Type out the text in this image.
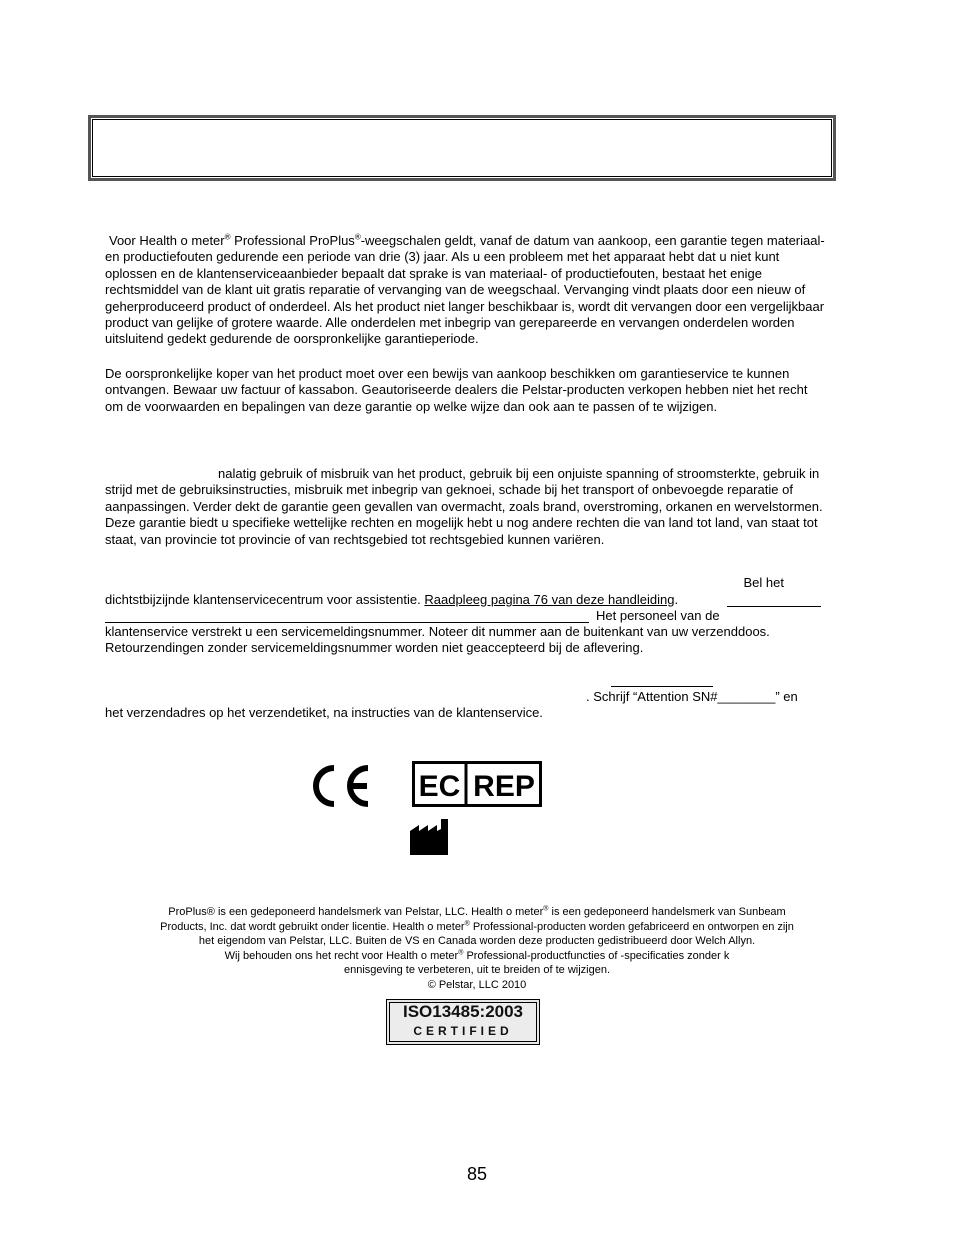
Voor Health o meter® Professional ProPlus®-weegschalen geldt, vanaf de datum van aankoop, een garantie tegen materiaal- en productiefouten gedurende een periode van drie (3) jaar. Als u een probleem met het apparaat hebt dat u niet kunt oplossen en de klantenserviceaanbieder bepaalt dat sprake is van materiaal- of productiefouten, bestaat het enige rechtsmiddel van de klant uit gratis reparatie of vervanging van de weegschaal. Vervanging vindt plaats door een nieuw of geherproduceerd product of onderdeel. Als het product niet langer beschikbaar is, wordt dit vervangen door een vergelijkbaar product van gelijke of grotere waarde. Alle onderdelen met inbegrip van gerepareerde en vervangen onderdelen worden uitsluitend gedekt gedurende de oorspronkelijke garantieperiode.

De oorspronkelijke koper van het product moet over een bewijs van aankoop beschikken om garantieservice te kunnen ontvangen. Bewaar uw factuur of kassabon. Geautoriseerde dealers die Pelstar-producten verkopen hebben niet het recht om de voorwaarden en bepalingen van deze garantie op welke wijze dan ook aan te passen of te wijzigen.

nalatig gebruik of misbruik van het product, gebruik bij een onjuiste spanning of stroomsterkte, gebruik in strijd met de gebruiksinstructies, misbruik met inbegrip van geknoei, schade bij het transport of onbevoegde reparatie of aanpassingen. Verder dekt de garantie geen gevallen van overmacht, zoals brand, overstroming, orkanen en wervelstormen. Deze garantie biedt u specifieke wettelijke rechten en mogelijk hebt u nog andere rechten die van land tot land, van staat tot staat, van provincie tot provincie of van rechtsgebied tot rechtsgebied kunnen variëren.

Bel het

dichtstbijzijnde klantenservicecentrum voor assistentie. Raadpleeg pagina 76 van deze handleiding.

Het personeel van de

klantenservice verstrekt u een servicemeldingsnummer. Noteer dit nummer aan de buitenkant van uw verzenddoos. Retourzendingen zonder servicemeldingsnummer worden niet geaccepteerd bij de aflevering.

. Schrijf “Attention SN#________” en

het verzendadres op het verzendetiket, na instructies van de klantenservice.

CE
EC REP
ProPlus® is een gedeponeerd handelsmerk van Pelstar, LLC. Health o meter® is een gedeponeerd handelsmerk van Sunbeam
Products, Inc. dat wordt gebruikt onder licentie. Health o meter® Professional-producten worden gefabriceerd en ontworpen en zijn
het eigendom van Pelstar, LLC. Buiten de VS en Canada worden deze producten gedistribueerd door Welch Allyn.
Wij behouden ons het recht voor Health o meter® Professional-productfuncties of -specificaties zonder k
ennisgeving te verbeteren, uit te breiden of te wijzigen.
© Pelstar, LLC 2010
ISO13485:2003
CERTIFIED
85
